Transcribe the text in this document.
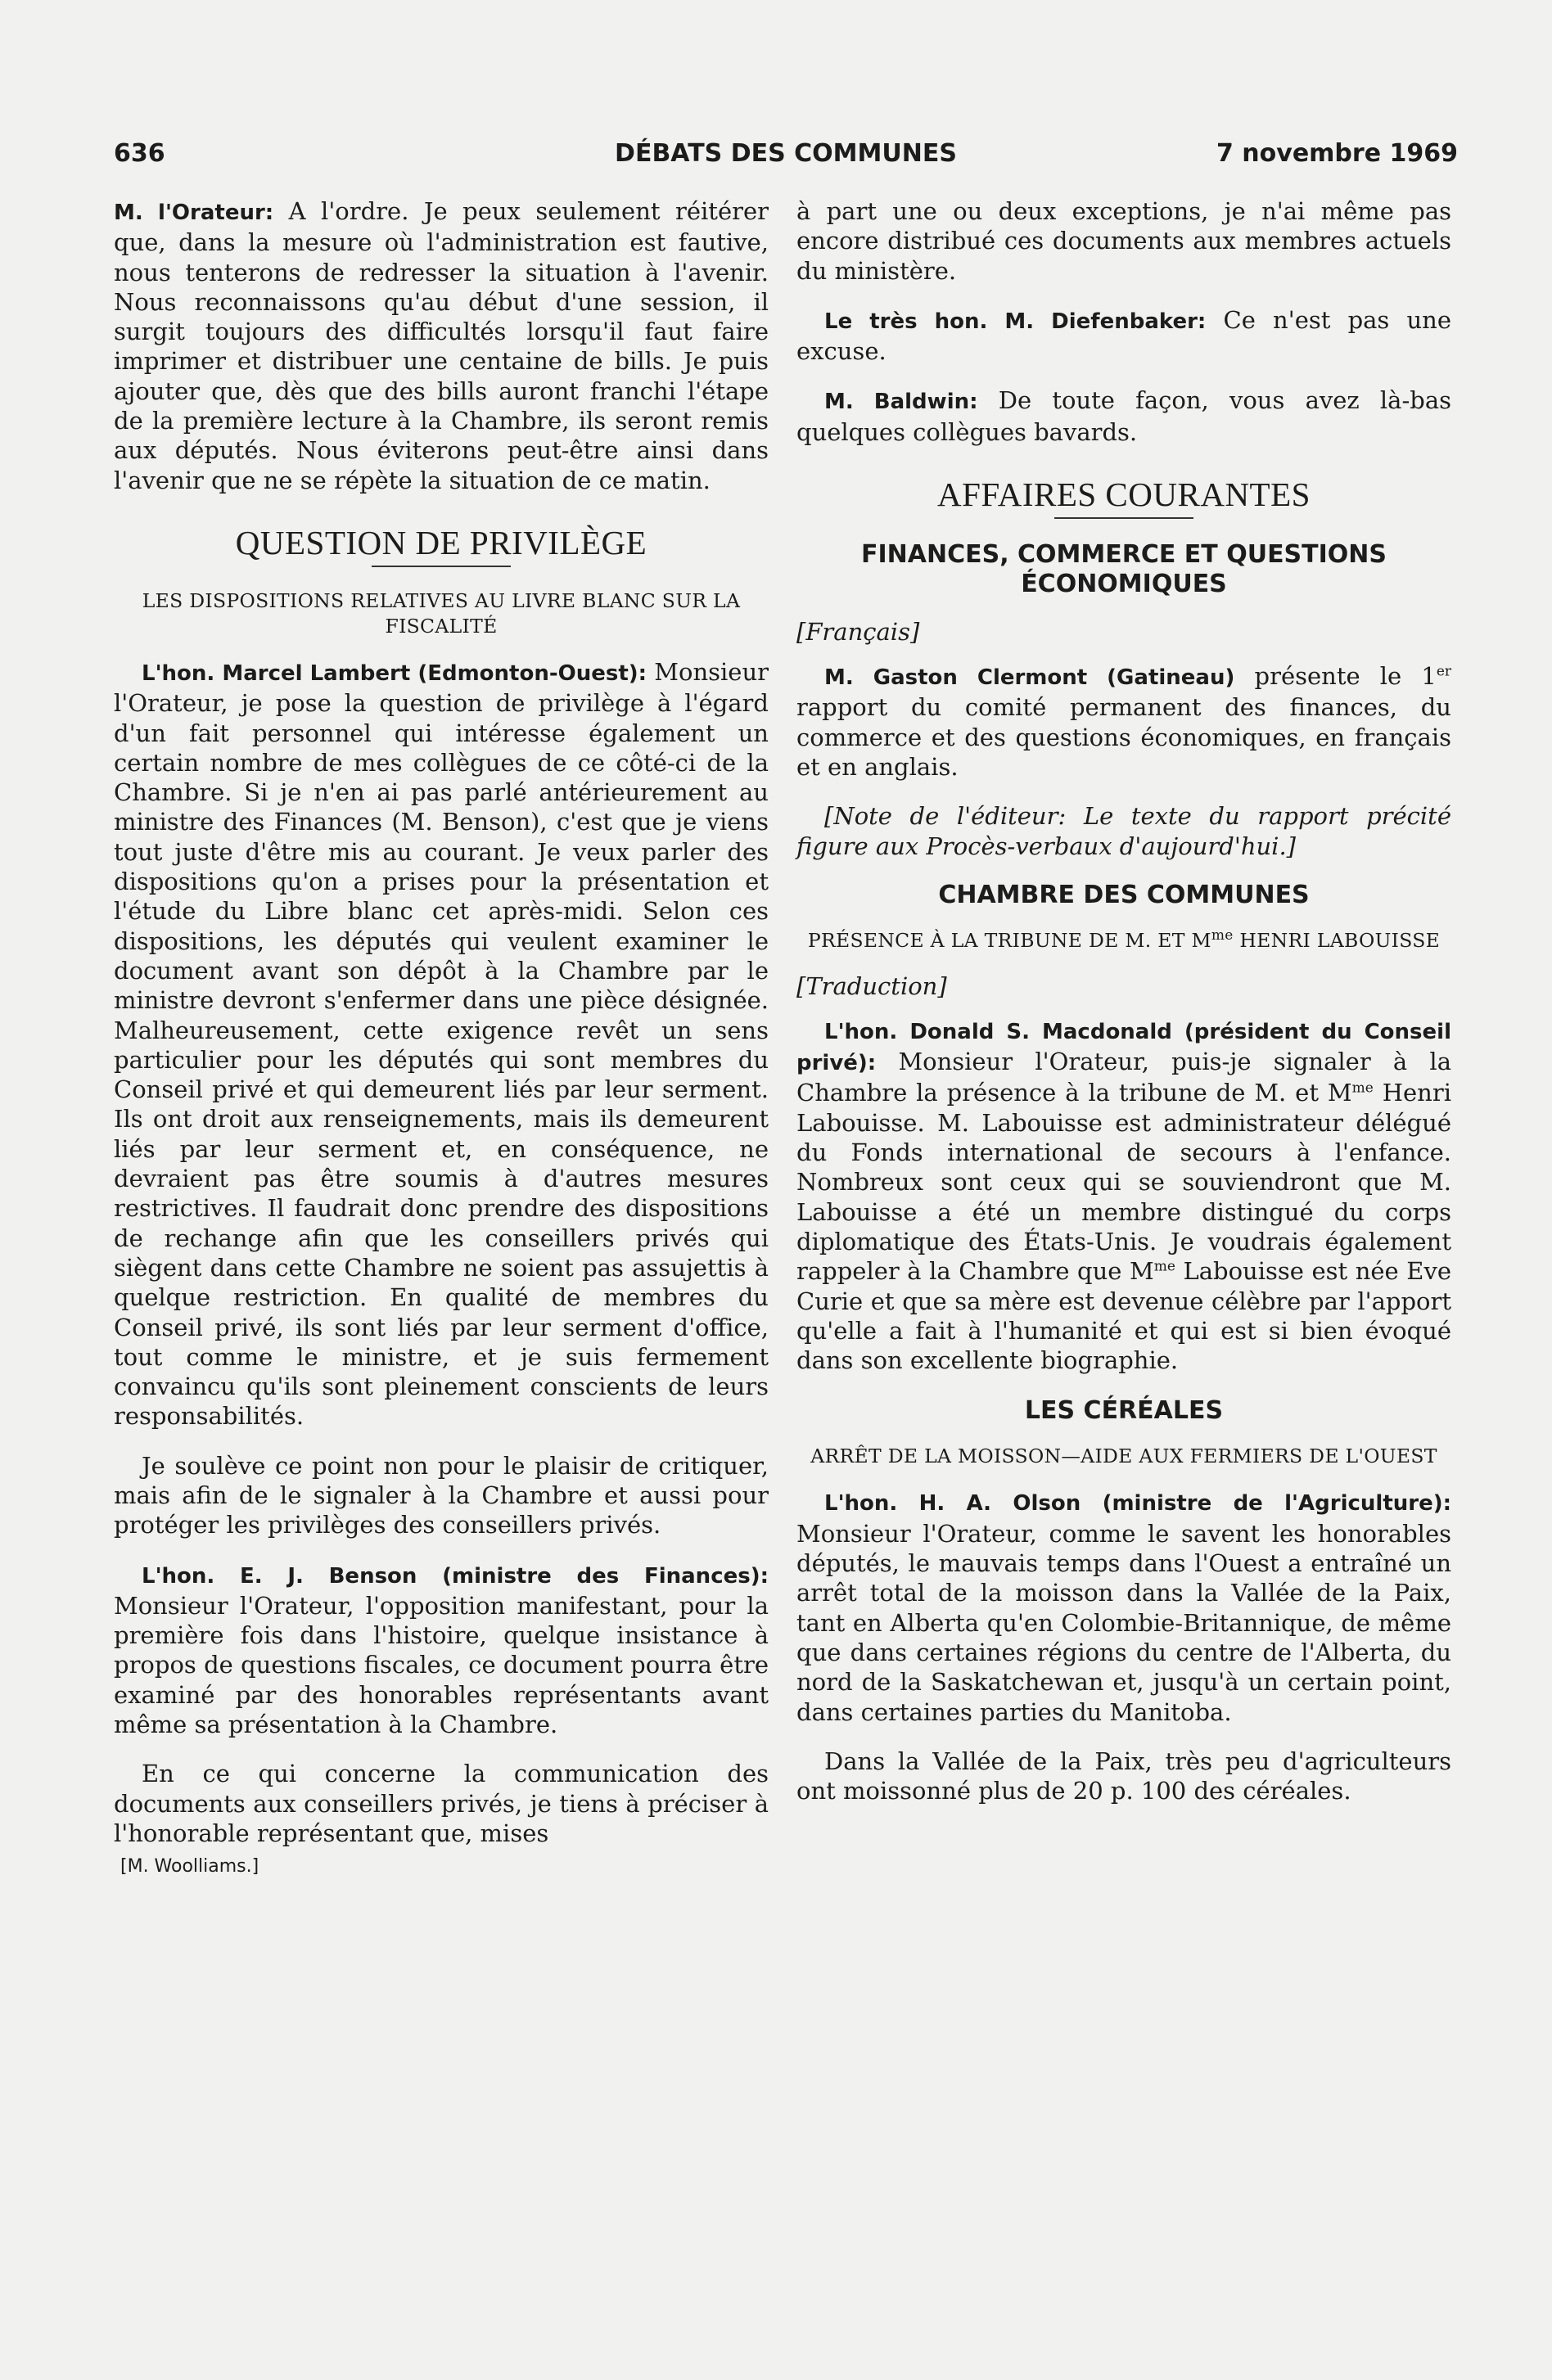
636	DÉBATS DES COMMUNES	7 novembre 1969

M. l'Orateur: A l'ordre. Je peux seulement réitérer que, dans la mesure où l'administration est fautive, nous tenterons de redresser la situation à l'avenir. Nous reconnaissons qu'au début d'une session, il surgit toujours des difficultés lorsqu'il faut faire imprimer et distribuer une centaine de bills. Je puis ajouter que, dès que des bills auront franchi l'étape de la première lecture à la Chambre, ils seront remis aux députés. Nous éviterons peut-être ainsi dans l'avenir que ne se répète la situation de ce matin.

QUESTION DE PRIVILÈGE
LES DISPOSITIONS RELATIVES AU LIVRE BLANC SUR LA FISCALITÉ

L'hon. Marcel Lambert (Edmonton-Ouest): Monsieur l'Orateur, je pose la question de privilège à l'égard d'un fait personnel qui intéresse également un certain nombre de mes collègues de ce côté-ci de la Chambre. Si je n'en ai pas parlé antérieurement au ministre des Finances (M. Benson), c'est que je viens tout juste d'être mis au courant. Je veux parler des dispositions qu'on a prises pour la présentation et l'étude du Libre blanc cet après-midi. Selon ces dispositions, les députés qui veulent examiner le document avant son dépôt à la Chambre par le ministre devront s'enfermer dans une pièce désignée. Malheureusement, cette exigence revêt un sens particulier pour les députés qui sont membres du Conseil privé et qui demeurent liés par leur serment. Ils ont droit aux renseignements, mais ils demeurent liés par leur serment et, en conséquence, ne devraient pas être soumis à d'autres mesures restrictives. Il faudrait donc prendre des dispositions de rechange afin que les conseillers privés qui siègent dans cette Chambre ne soient pas assujettis à quelque restriction. En qualité de membres du Conseil privé, ils sont liés par leur serment d'office, tout comme le ministre, et je suis fermement convaincu qu'ils sont pleinement conscients de leurs responsabilités.

Je soulève ce point non pour le plaisir de critiquer, mais afin de le signaler à la Chambre et aussi pour protéger les privilèges des conseillers privés.

L'hon. E. J. Benson (ministre des Finances): Monsieur l'Orateur, l'opposition manifestant, pour la première fois dans l'histoire, quelque insistance à propos de questions fiscales, ce document pourra être examiné par des honorables représentants avant même sa présentation à la Chambre.

En ce qui concerne la communication des documents aux conseillers privés, je tiens à préciser à l'honorable représentant que, mises

[M. Woolliams.]

à part une ou deux exceptions, je n'ai même pas encore distribué ces documents aux membres actuels du ministère.

Le très hon. M. Diefenbaker: Ce n'est pas une excuse.

M. Baldwin: De toute façon, vous avez là-bas quelques collègues bavards.

AFFAIRES COURANTES
FINANCES, COMMERCE ET QUESTIONS ÉCONOMIQUES

[Français]

M. Gaston Clermont (Gatineau) présente le 1er rapport du comité permanent des finances, du commerce et des questions économiques, en français et en anglais.

[Note de l'éditeur: Le texte du rapport précité figure aux Procès-verbaux d'aujourd'hui.]

CHAMBRE DES COMMUNES
PRÉSENCE À LA TRIBUNE DE M. ET $M^{me}$ HENRI LABOUISSE

[Traduction]

L'hon. Donald S. Macdonald (président du Conseil privé): Monsieur l'Orateur, puis-je signaler à la Chambre la présence à la tribune de M. et $M^{me}$ Henri Labouisse. M. Labouisse est administrateur délégué du Fonds international de secours à l'enfance. Nombreux sont ceux qui se souviendront que M. Labouisse a été un membre distingué du corps diplomatique des États-Unis. Je voudrais également rappeler à la Chambre que $M^{me}$ Labouisse est née Eve Curie et que sa mère est devenue célèbre par l'apport qu'elle a fait à l'humanité et qui est si bien évoqué dans son excellente biographie.

LES CÉRÉALES
ARRÊT DE LA MOISSON—AIDE AUX FERMIERS DE L'OUEST

L'hon. H. A. Olson (ministre de l'Agriculture): Monsieur l'Orateur, comme le savent les honorables députés, le mauvais temps dans l'Ouest a entraîné un arrêt total de la moisson dans la Vallée de la Paix, tant en Alberta qu'en Colombie-Britannique, de même que dans certaines régions du centre de l'Alberta, du nord de la Saskatchewan et, jusqu'à un certain point, dans certaines parties du Manitoba.

Dans la Vallée de la Paix, très peu d'agriculteurs ont moissonné plus de 20 p. 100 des céréales.
